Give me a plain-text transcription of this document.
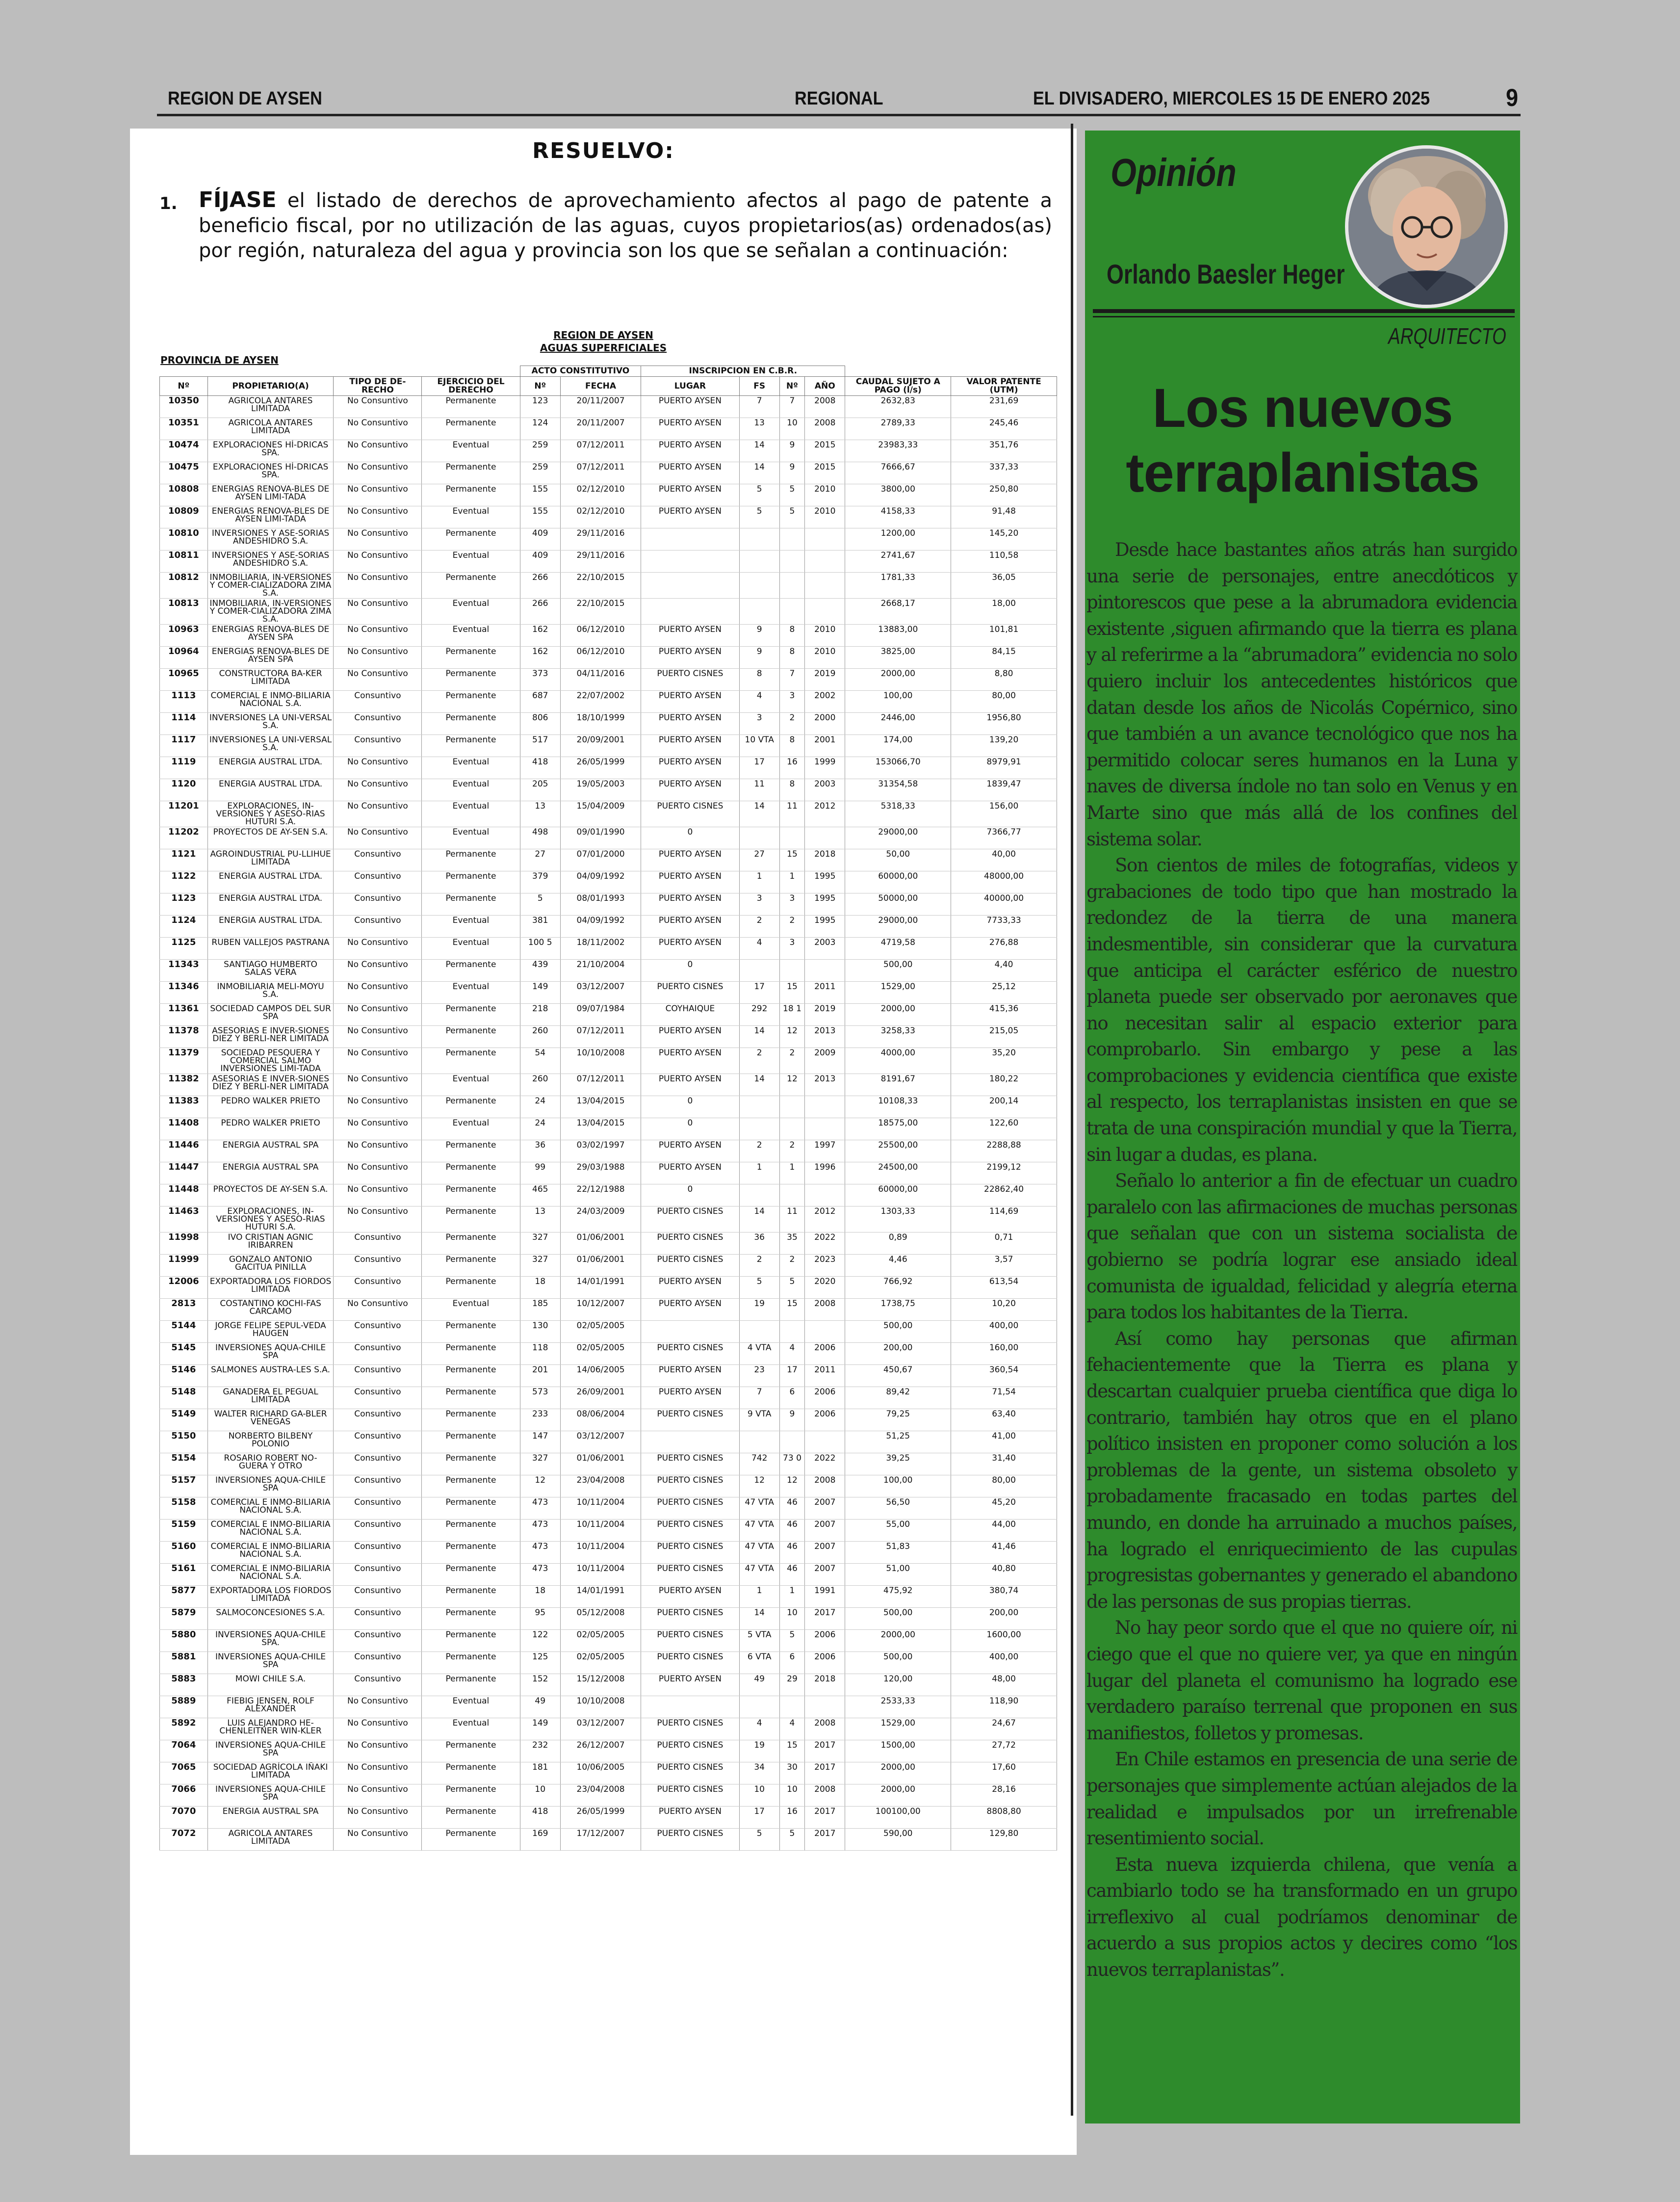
REGION DE AYSEN	REGIONAL	EL DIVISADERO, MIERCOLES 15 DE ENERO 2025	9
RESUELVO:
1. FÍJASE el listado de derechos de aprovechamiento afectos al pago de patente a beneficio fiscal, por no utilización de las aguas, cuyos propietarios(as) ordenados(as) por región, naturaleza del agua y provincia son los que se señalan a continuación:
REGION DE AYSEN
AGUAS SUPERFICIALES
PROVINCIA DE AYSEN
				ACTO CONSTITUTIVO		INSCRIPCION EN C.B.R.					
Nº	PROPIETARIO(A)	TIPO DE DE-RECHO	EJERCICIO DEL DERECHO	Nº	FECHA	LUGAR	FS	Nº	AÑO	CAUDAL SUJETO A PAGO (l/s)	VALOR PATENTE (UTM)
10350	AGRICOLA ANTARES LIMITADA	No Consuntivo	Permanente	123	20/11/2007	PUERTO AYSEN	7	7	2008	2632,83	231,69
10351	AGRICOLA ANTARES LIMITADA	No Consuntivo	Permanente	124	20/11/2007	PUERTO AYSEN	13	10	2008	2789,33	245,46
10474	EXPLORACIONES HÍ-DRICAS SPA.	No Consuntivo	Eventual	259	07/12/2011	PUERTO AYSEN	14	9	2015	23983,33	351,76
10475	EXPLORACIONES HÍ-DRICAS SPA.	No Consuntivo	Permanente	259	07/12/2011	PUERTO AYSEN	14	9	2015	7666,67	337,33
10808	ENERGIAS RENOVA-BLES DE AYSEN LIMI-TADA	No Consuntivo	Permanente	155	02/12/2010	PUERTO AYSEN	5	5	2010	3800,00	250,80
10809	ENERGIAS RENOVA-BLES DE AYSEN LIMI-TADA	No Consuntivo	Eventual	155	02/12/2010	PUERTO AYSEN	5	5	2010	4158,33	91,48
10810	INVERSIONES Y ASE-SORIAS ANDESHIDRO S.A.	No Consuntivo	Permanente	409	29/11/2016					1200,00	145,20
10811	INVERSIONES Y ASE-SORIAS ANDESHIDRO S.A.	No Consuntivo	Eventual	409	29/11/2016					2741,67	110,58
10812	INMOBILIARIA, IN-VERSIONES Y COMER-CIALIZADORA ZIMA S.A.	No Consuntivo	Permanente	266	22/10/2015					1781,33	36,05
10813	INMOBILIARIA, IN-VERSIONES Y COMER-CIALIZADORA ZIMA S.A.	No Consuntivo	Eventual	266	22/10/2015					2668,17	18,00
10963	ENERGIAS RENOVA-BLES DE AYSEN SPA	No Consuntivo	Eventual	162	06/12/2010	PUERTO AYSEN	9	8	2010	13883,00	101,81
10964	ENERGIAS RENOVA-BLES DE AYSEN SPA	No Consuntivo	Permanente	162	06/12/2010	PUERTO AYSEN	9	8	2010	3825,00	84,15
10965	CONSTRUCTORA BA-KER LIMITADA	No Consuntivo	Permanente	373	04/11/2016	PUERTO CISNES	8	7	2019	2000,00	8,80
1113	COMERCIAL E INMO-BILIARIA NACIONAL S.A.	Consuntivo	Permanente	687	22/07/2002	PUERTO AYSEN	4	3	2002	100,00	80,00
1114	INVERSIONES LA UNI-VERSAL S.A.	Consuntivo	Permanente	806	18/10/1999	PUERTO AYSEN	3	2	2000	2446,00	1956,80
1117	INVERSIONES LA UNI-VERSAL S.A.	Consuntivo	Permanente	517	20/09/2001	PUERTO AYSEN	10 VTA	8	2001	174,00	139,20
1119	ENERGIA AUSTRAL LTDA.	No Consuntivo	Eventual	418	26/05/1999	PUERTO AYSEN	17	16	1999	153066,70	8979,91
1120	ENERGIA AUSTRAL LTDA.	No Consuntivo	Eventual	205	19/05/2003	PUERTO AYSEN	11	8	2003	31354,58	1839,47
11201	EXPLORACIONES, IN-VERSIONES Y ASESO-RIAS HUTURI S.A.	No Consuntivo	Eventual	13	15/04/2009	PUERTO CISNES	14	11	2012	5318,33	156,00
11202	PROYECTOS DE AY-SEN S.A.	No Consuntivo	Eventual	498	09/01/1990	0				29000,00	7366,77
1121	AGROINDUSTRIAL PU-LLIHUE LIMITADA	Consuntivo	Permanente	27	07/01/2000	PUERTO AYSEN	27	15	2018	50,00	40,00
1122	ENERGIA AUSTRAL LTDA.	Consuntivo	Permanente	379	04/09/1992	PUERTO AYSEN	1	1	1995	60000,00	48000,00
1123	ENERGIA AUSTRAL LTDA.	Consuntivo	Permanente	5	08/01/1993	PUERTO AYSEN	3	3	1995	50000,00	40000,00
1124	ENERGIA AUSTRAL LTDA.	Consuntivo	Eventual	381	04/09/1992	PUERTO AYSEN	2	2	1995	29000,00	7733,33
1125	RUBEN VALLEJOS PASTRANA	No Consuntivo	Eventual	100 5	18/11/2002	PUERTO AYSEN	4	3	2003	4719,58	276,88
11343	SANTIAGO HUMBERTO SALAS VERA	No Consuntivo	Permanente	439	21/10/2004	0				500,00	4,40
11346	INMOBILIARIA MELI-MOYU S.A.	No Consuntivo	Eventual	149	03/12/2007	PUERTO CISNES	17	15	2011	1529,00	25,12
11361	SOCIEDAD CAMPOS DEL SUR SPA	No Consuntivo	Permanente	218	09/07/1984	COYHAIQUE	292	18 1	2019	2000,00	415,36
11378	ASESORIAS E INVER-SIONES DIEZ Y BERLI-NER LIMITADA	No Consuntivo	Permanente	260	07/12/2011	PUERTO AYSEN	14	12	2013	3258,33	215,05
11379	SOCIEDAD PESQUERA Y COMERCIAL SALMO INVERSIONES LIMI-TADA	No Consuntivo	Permanente	54	10/10/2008	PUERTO AYSEN	2	2	2009	4000,00	35,20
11382	ASESORIAS E INVER-SIONES DIEZ Y BERLI-NER LIMITADA	No Consuntivo	Eventual	260	07/12/2011	PUERTO AYSEN	14	12	2013	8191,67	180,22
11383	PEDRO WALKER PRIETO	No Consuntivo	Permanente	24	13/04/2015	0				10108,33	200,14
11408	PEDRO WALKER PRIETO	No Consuntivo	Eventual	24	13/04/2015	0				18575,00	122,60
11446	ENERGIA AUSTRAL SPA	No Consuntivo	Permanente	36	03/02/1997	PUERTO AYSEN	2	2	1997	25500,00	2288,88
11447	ENERGIA AUSTRAL SPA	No Consuntivo	Permanente	99	29/03/1988	PUERTO AYSEN	1	1	1996	24500,00	2199,12
11448	PROYECTOS DE AY-SEN S.A.	No Consuntivo	Permanente	465	22/12/1988	0				60000,00	22862,40
11463	EXPLORACIONES, IN-VERSIONES Y ASESO-RIAS HUTURI S.A.	No Consuntivo	Permanente	13	24/03/2009	PUERTO CISNES	14	11	2012	1303,33	114,69
11998	IVO CRISTIAN AGNIC IRIBARREN	Consuntivo	Permanente	327	01/06/2001	PUERTO CISNES	36	35	2022	0,89	0,71
11999	GONZALO ANTONIO GACITUA PINILLA	Consuntivo	Permanente	327	01/06/2001	PUERTO CISNES	2	2	2023	4,46	3,57
12006	EXPORTADORA LOS FIORDOS LIMITADA	Consuntivo	Permanente	18	14/01/1991	PUERTO AYSEN	5	5	2020	766,92	613,54
2813	COSTANTINO KOCHI-FAS CARCAMO	No Consuntivo	Eventual	185	10/12/2007	PUERTO AYSEN	19	15	2008	1738,75	10,20
5144	JORGE FELIPE SEPUL-VEDA HAUGEN	Consuntivo	Permanente	130	02/05/2005					500,00	400,00
5145	INVERSIONES AQUA-CHILE SPA	Consuntivo	Permanente	118	02/05/2005	PUERTO CISNES	4 VTA	4	2006	200,00	160,00
5146	SALMONES AUSTRA-LES S.A.	Consuntivo	Permanente	201	14/06/2005	PUERTO AYSEN	23	17	2011	450,67	360,54
5148	GANADERA EL PEGUAL LIMITADA	Consuntivo	Permanente	573	26/09/2001	PUERTO AYSEN	7	6	2006	89,42	71,54
5149	WALTER RICHARD GA-BLER VENEGAS	Consuntivo	Permanente	233	08/06/2004	PUERTO CISNES	9 VTA	9	2006	79,25	63,40
5150	NORBERTO BILBENY POLONIO	Consuntivo	Permanente	147	03/12/2007					51,25	41,00
5154	ROSARIO ROBERT NO-GUERA Y OTRO	Consuntivo	Permanente	327	01/06/2001	PUERTO CISNES	742	73 0	2022	39,25	31,40
5157	INVERSIONES AQUA-CHILE SPA	Consuntivo	Permanente	12	23/04/2008	PUERTO CISNES	12	12	2008	100,00	80,00
5158	COMERCIAL E INMO-BILIARIA NACIONAL S.A.	Consuntivo	Permanente	473	10/11/2004	PUERTO CISNES	47 VTA	46	2007	56,50	45,20
5159	COMERCIAL E INMO-BILIARIA NACIONAL S.A.	Consuntivo	Permanente	473	10/11/2004	PUERTO CISNES	47 VTA	46	2007	55,00	44,00
5160	COMERCIAL E INMO-BILIARIA NACIONAL S.A.	Consuntivo	Permanente	473	10/11/2004	PUERTO CISNES	47 VTA	46	2007	51,83	41,46
5161	COMERCIAL E INMO-BILIARIA NACIONAL S.A.	Consuntivo	Permanente	473	10/11/2004	PUERTO CISNES	47 VTA	46	2007	51,00	40,80
5877	EXPORTADORA LOS FIORDOS LIMITADA	Consuntivo	Permanente	18	14/01/1991	PUERTO AYSEN	1	1	1991	475,92	380,74
5879	SALMOCONCESIONES S.A.	Consuntivo	Permanente	95	05/12/2008	PUERTO CISNES	14	10	2017	500,00	200,00
5880	INVERSIONES AQUA-CHILE SPA.	Consuntivo	Permanente	122	02/05/2005	PUERTO CISNES	5 VTA	5	2006	2000,00	1600,00
5881	INVERSIONES AQUA-CHILE SPA	Consuntivo	Permanente	125	02/05/2005	PUERTO CISNES	6 VTA	6	2006	500,00	400,00
5883	MOWI CHILE S.A.	Consuntivo	Permanente	152	15/12/2008	PUERTO AYSEN	49	29	2018	120,00	48,00
5889	FIEBIG JENSEN, ROLF ALEXANDER	No Consuntivo	Eventual	49	10/10/2008					2533,33	118,90
5892	LUIS ALEJANDRO HE-CHENLEITNER WIN-KLER	No Consuntivo	Eventual	149	03/12/2007	PUERTO CISNES	4	4	2008	1529,00	24,67
7064	INVERSIONES AQUA-CHILE SPA	No Consuntivo	Permanente	232	26/12/2007	PUERTO CISNES	19	15	2017	1500,00	27,72
7065	SOCIEDAD AGRÍCOLA IÑAKI LIMITADA	No Consuntivo	Permanente	181	10/06/2005	PUERTO CISNES	34	30	2017	2000,00	17,60
7066	INVERSIONES AQUA-CHILE SPA	No Consuntivo	Permanente	10	23/04/2008	PUERTO CISNES	10	10	2008	2000,00	28,16
7070	ENERGIA AUSTRAL SPA	No Consuntivo	Permanente	418	26/05/1999	PUERTO AYSEN	17	16	2017	100100,00	8808,80
7072	AGRICOLA ANTARES LIMITADA	No Consuntivo	Permanente	169	17/12/2007	PUERTO CISNES	5	5	2017	590,00	129,80
Opinión
Orlando Baesler Heger
ARQUITECTO
Los nuevos
terraplanistas

Desde hace bastantes años atrás han surgido una serie de personajes, entre anecdóticos y pintorescos que pese a la abrumadora evidencia existente ,siguen afirmando que la tierra es plana y al referirme a la “abrumadora” evidencia no solo quiero incluir los antecedentes históricos que datan desde los años de Nicolás Copérnico, sino que también a un avance tecnológico que nos ha permitido colocar seres humanos en la Luna y naves de diversa índole no tan solo en Venus y en Marte sino que más allá de los confines del sistema solar.

Son cientos de miles de fotografías, videos y grabaciones de todo tipo que han mostrado la redondez de la tierra de una manera indesmentible, sin considerar que la curvatura que anticipa el carácter esférico de nuestro planeta puede ser observado por aeronaves que no necesitan salir al espacio exterior para comprobarlo. Sin embargo y pese a las comprobaciones y evidencia científica que existe al respecto, los terraplanistas insisten en que se trata de una conspiración mundial y que la Tierra, sin lugar a dudas, es plana.

Señalo lo anterior a fin de efectuar un cuadro paralelo con las afirmaciones de muchas personas que señalan que con un sistema socialista de gobierno se podría lograr ese ansiado ideal comunista de igualdad, felicidad y alegría eterna para todos los habitantes de la Tierra.

Así como hay personas que afirman fehacientemente que la Tierra es plana y descartan cualquier prueba científica que diga lo contrario, también hay otros que en el plano político insisten en proponer como solución a los problemas de la gente, un sistema obsoleto y probadamente fracasado en todas partes del mundo, en donde ha arruinado a muchos países, ha logrado el enriquecimiento de las cupulas progresistas gobernantes y generado el abandono de las personas de sus propias tierras.

No hay peor sordo que el que no quiere oír, ni ciego que el que no quiere ver, ya que en ningún lugar del planeta el comunismo ha logrado ese verdadero paraíso terrenal que proponen en sus manifiestos, folletos y promesas.

En Chile estamos en presencia de una serie de personajes que simplemente actúan alejados de la realidad e impulsados por un irrefrenable resentimiento social.

Esta nueva izquierda chilena, que venía a cambiarlo todo se ha transformado en un grupo irreflexivo al cual podríamos denominar de acuerdo a sus propios actos y decires como “los nuevos terraplanistas”.
